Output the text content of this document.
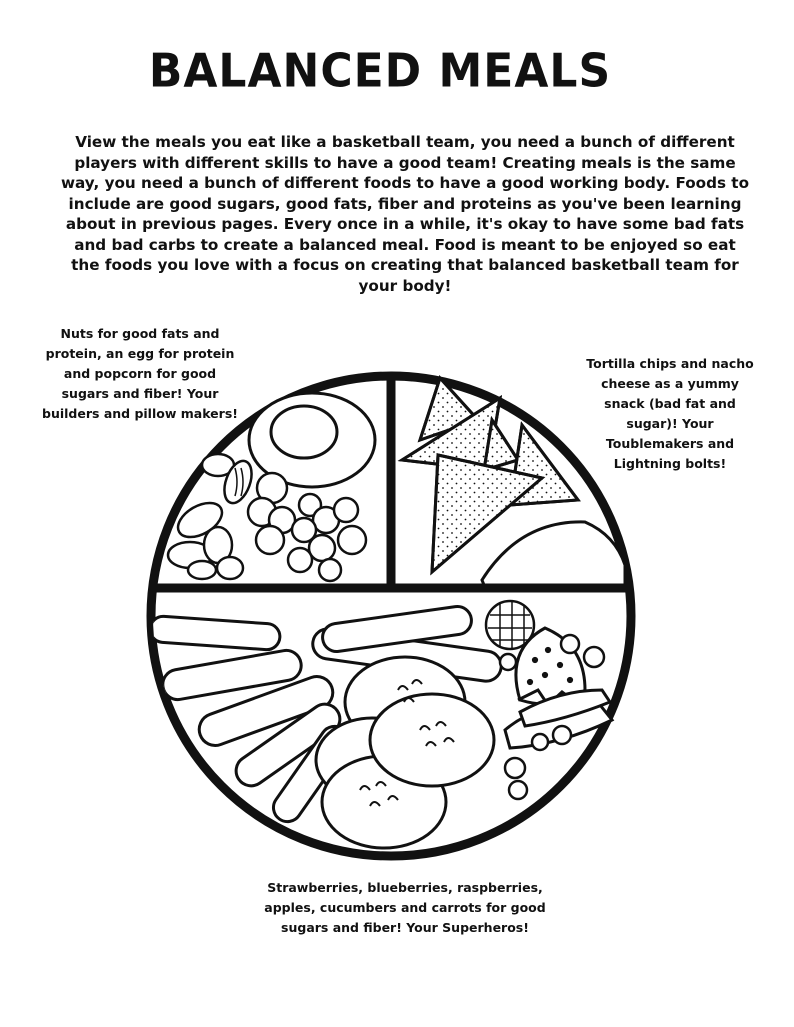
BALANCED MEALS
View the meals you eat like a basketball team, you need a bunch of different players with different skills to have a good team! Creating meals is the same way, you need a bunch of different foods to have a good working body. Foods to include are good sugars, good fats, fiber and proteins as you've been learning about in previous pages. Every once in a while, it's okay to have some bad fats and bad carbs to create a balanced meal. Food is meant to be enjoyed so eat the foods you love with a focus on creating that balanced basketball team for your body!
Nuts for good fats and protein, an egg for protein and popcorn for good sugars and fiber! Your builders and pillow makers!
Tortilla chips and nacho cheese as a yummy snack (bad fat and sugar)! Your Toublemakers and Lightning bolts!
Strawberries, blueberries, raspberries, apples, cucumbers and carrots for good sugars and fiber! Your Superheros!
